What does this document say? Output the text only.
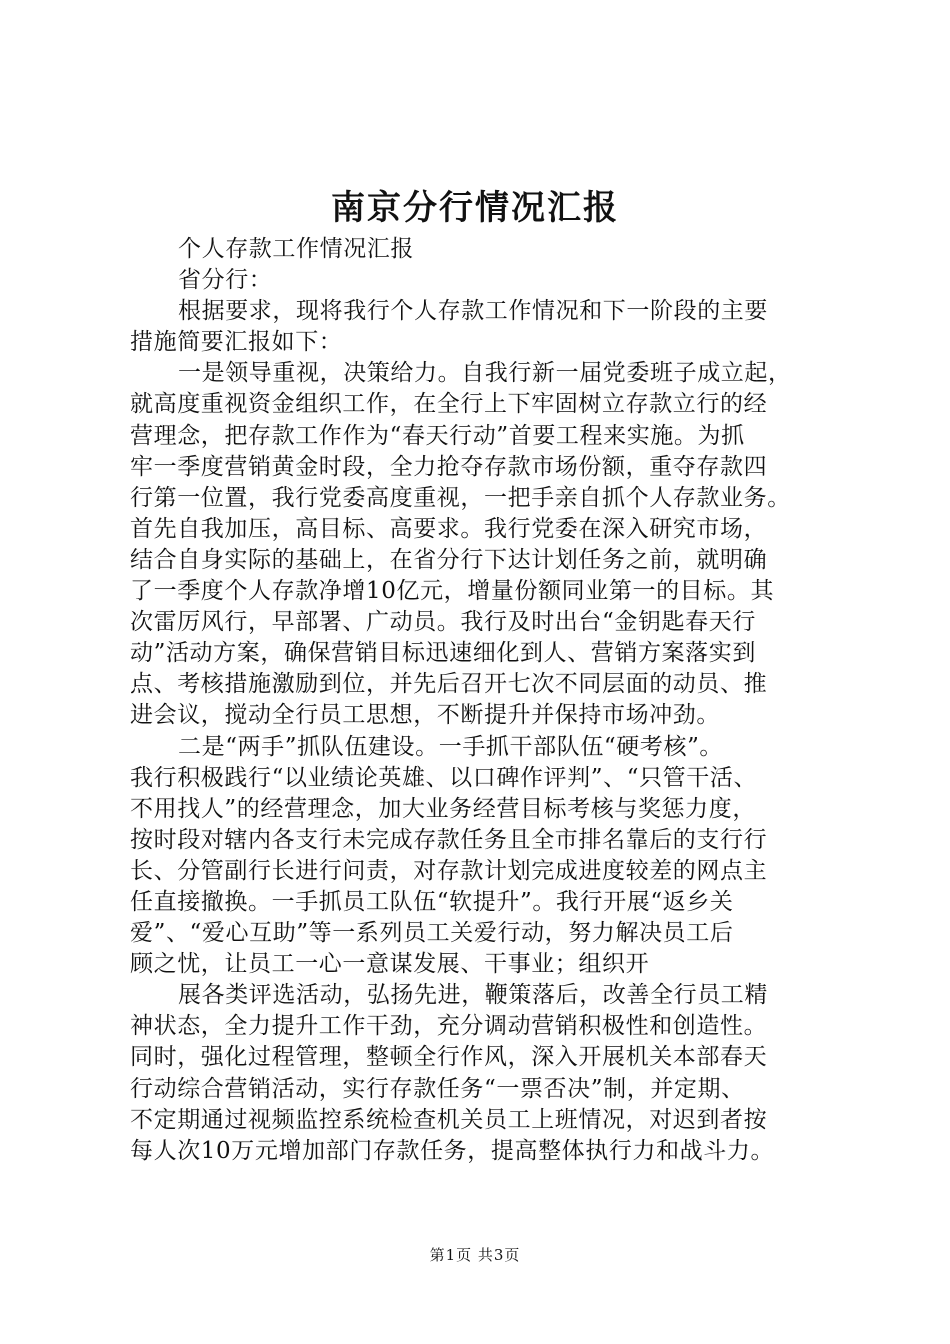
南京分行情况汇报

个人存款工作情况汇报

省分行：

根据要求，现将我行个人存款工作情况和下一阶段的主要

措施简要汇报如下：

一是领导重视，决策给力。自我行新一届党委班子成立起，

就高度重视资金组织工作，在全行上下牢固树立存款立行的经

营理念，把存款工作作为“春天行动”首要工程来实施。为抓

牢一季度营销黄金时段，全力抢夺存款市场份额，重夺存款四

行第一位置，我行党委高度重视，一把手亲自抓个人存款业务。

首先自我加压，高目标、高要求。我行党委在深入研究市场，

结合自身实际的基础上，在省分行下达计划任务之前，就明确

了一季度个人存款净增10亿元，增量份额同业第一的目标。其

次雷厉风行，早部署、广动员。我行及时出台“金钥匙春天行

动”活动方案，确保营销目标迅速细化到人、营销方案落实到

点、考核措施激励到位，并先后召开七次不同层面的动员、推

进会议，搅动全行员工思想，不断提升并保持市场冲劲。

二是“两手”抓队伍建设。一手抓干部队伍“硬考核”。

我行积极践行“以业绩论英雄、以口碑作评判”、“只管干活、

不用找人”的经营理念，加大业务经营目标考核与奖惩力度，

按时段对辖内各支行未完成存款任务且全市排名靠后的支行行

长、分管副行长进行问责，对存款计划完成进度较差的网点主

任直接撤换。一手抓员工队伍“软提升”。我行开展“返乡关

爱”、“爱心互助”等一系列员工关爱行动，努力解决员工后

顾之忧，让员工一心一意谋发展、干事业；组织开

展各类评选活动，弘扬先进，鞭策落后，改善全行员工精

神状态，全力提升工作干劲，充分调动营销积极性和创造性。

同时，强化过程管理，整顿全行作风，深入开展机关本部春天

行动综合营销活动，实行存款任务“一票否决”制，并定期、

不定期通过视频监控系统检查机关员工上班情况，对迟到者按

每人次10万元增加部门存款任务，提高整体执行力和战斗力。

第1页 共3页
